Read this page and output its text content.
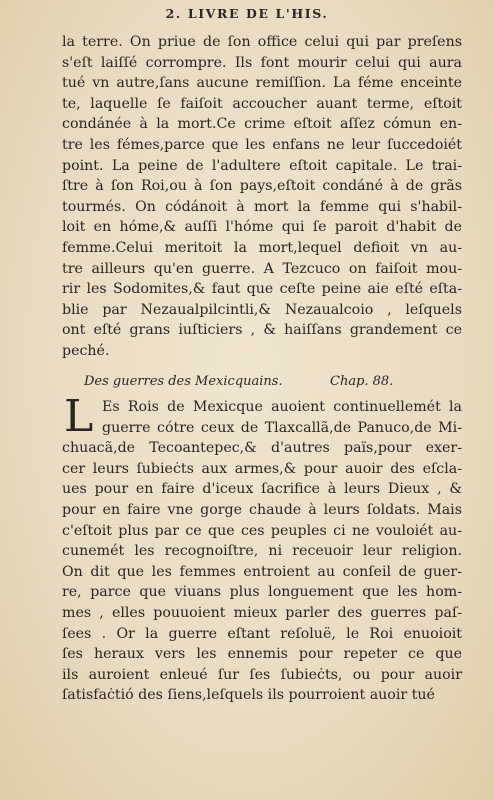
2. LIVRE DE L'HIS.
la terre. On priue de ſon office celui qui par preſens
s'eſt laiſſé corrompre. Ils font mourir celui qui aura
tué vn autre,ſans aucune remiſſion. La féme enceinte
te, laquelle ſe faiſoit accoucher auant terme, eſtoit
condánée à la mort.Ce crime eſtoit aſſez cómun en-
tre les fémes,parce que les enfans ne leur ſuccedoiét
point. La peine de l'adultere eſtoit capitale. Le trai-
ſtre à ſon Roi,ou à ſon pays,eſtoit condáné à de grãs
tourmés. On códánoit à mort la femme qui s'habil-
loit en hóme,& auſſi l'hóme qui ſe paroit d'habit de
femme.Celui meritoit la mort,lequel defioit vn au-
tre ailleurs qu'en guerre. A Tezcuco on faiſoit mou-
rir les Sodomites,& faut que ceſte peine aie eſté eſta-
blie par Nezaualpilcintli,& Nezaualcoio , leſquels
ont eſté grans iuſticiers , & haiſſans grandement ce
peché.
Des guerres des Mexicquains.	Chap. 88.
L Es Rois de Mexicque auoient continuellemét la
guerre cótre ceux de Tlaxcallã,de Panuco,de Mi-
chuacã,de Tecoantepec,& d'autres païs,pour exer-
cer leurs ſubieċts aux armes,& pour auoir des eſcla-
ues pour en faire d'iceux ſacrifice à leurs Dieux , &
pour en faire vne gorge chaude à leurs ſoldats. Mais
c'eſtoit plus par ce que ces peuples ci ne vouloiét au-
cunemét les recognoiſtre, ni receuoir leur religion.
On dit que les femmes entroient au conſeil de guer-
re, parce que viuans plus longuement que les hom-
mes , elles pouuoient mieux parler des guerres paſ-
ſees . Or la guerre eſtant reſoluë, le Roi enuoioit
ſes heraux vers les ennemis pour repeter ce que
ils auroient enleué ſur ſes ſubieċts, ou pour auoir
ſatisfaċtió des ſiens,leſquels ils pourroient auoir tué
